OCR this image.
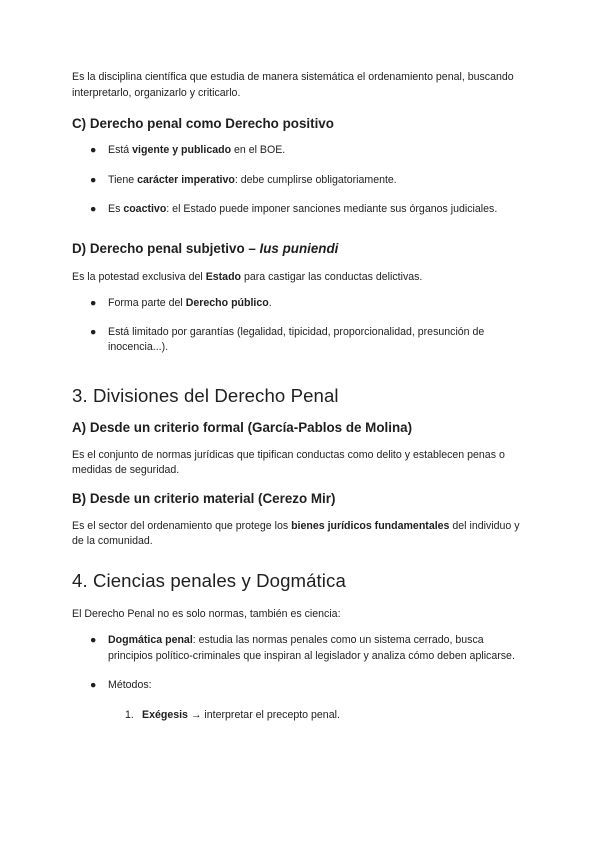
Es la disciplina científica que estudia de manera sistemática el ordenamiento penal, buscando interpretarlo, organizarlo y criticarlo.

C) Derecho penal como Derecho positivo
● Está vigente y publicado en el BOE.
● Tiene carácter imperativo: debe cumplirse obligatoriamente.
● Es coactivo: el Estado puede imponer sanciones mediante sus órganos judiciales.
D) Derecho penal subjetivo – Ius puniendi

Es la potestad exclusiva del Estado para castigar las conductas delictivas.

● Forma parte del Derecho público.
● Está limitado por garantías (legalidad, tipicidad, proporcionalidad, presunción de inocencia...).
3. Divisiones del Derecho Penal
A) Desde un criterio formal (García-Pablos de Molina)

Es el conjunto de normas jurídicas que tipifican conductas como delito y establecen penas o medidas de seguridad.

B) Desde un criterio material (Cerezo Mir)

Es el sector del ordenamiento que protege los bienes jurídicos fundamentales del individuo y de la comunidad.

4. Ciencias penales y Dogmática

El Derecho Penal no es solo normas, también es ciencia:

● Dogmática penal: estudia las normas penales como un sistema cerrado, busca principios político-criminales que inspiran al legislador y analiza cómo deben aplicarse.
● Métodos:
1. Exégesis → interpretar el precepto penal.
